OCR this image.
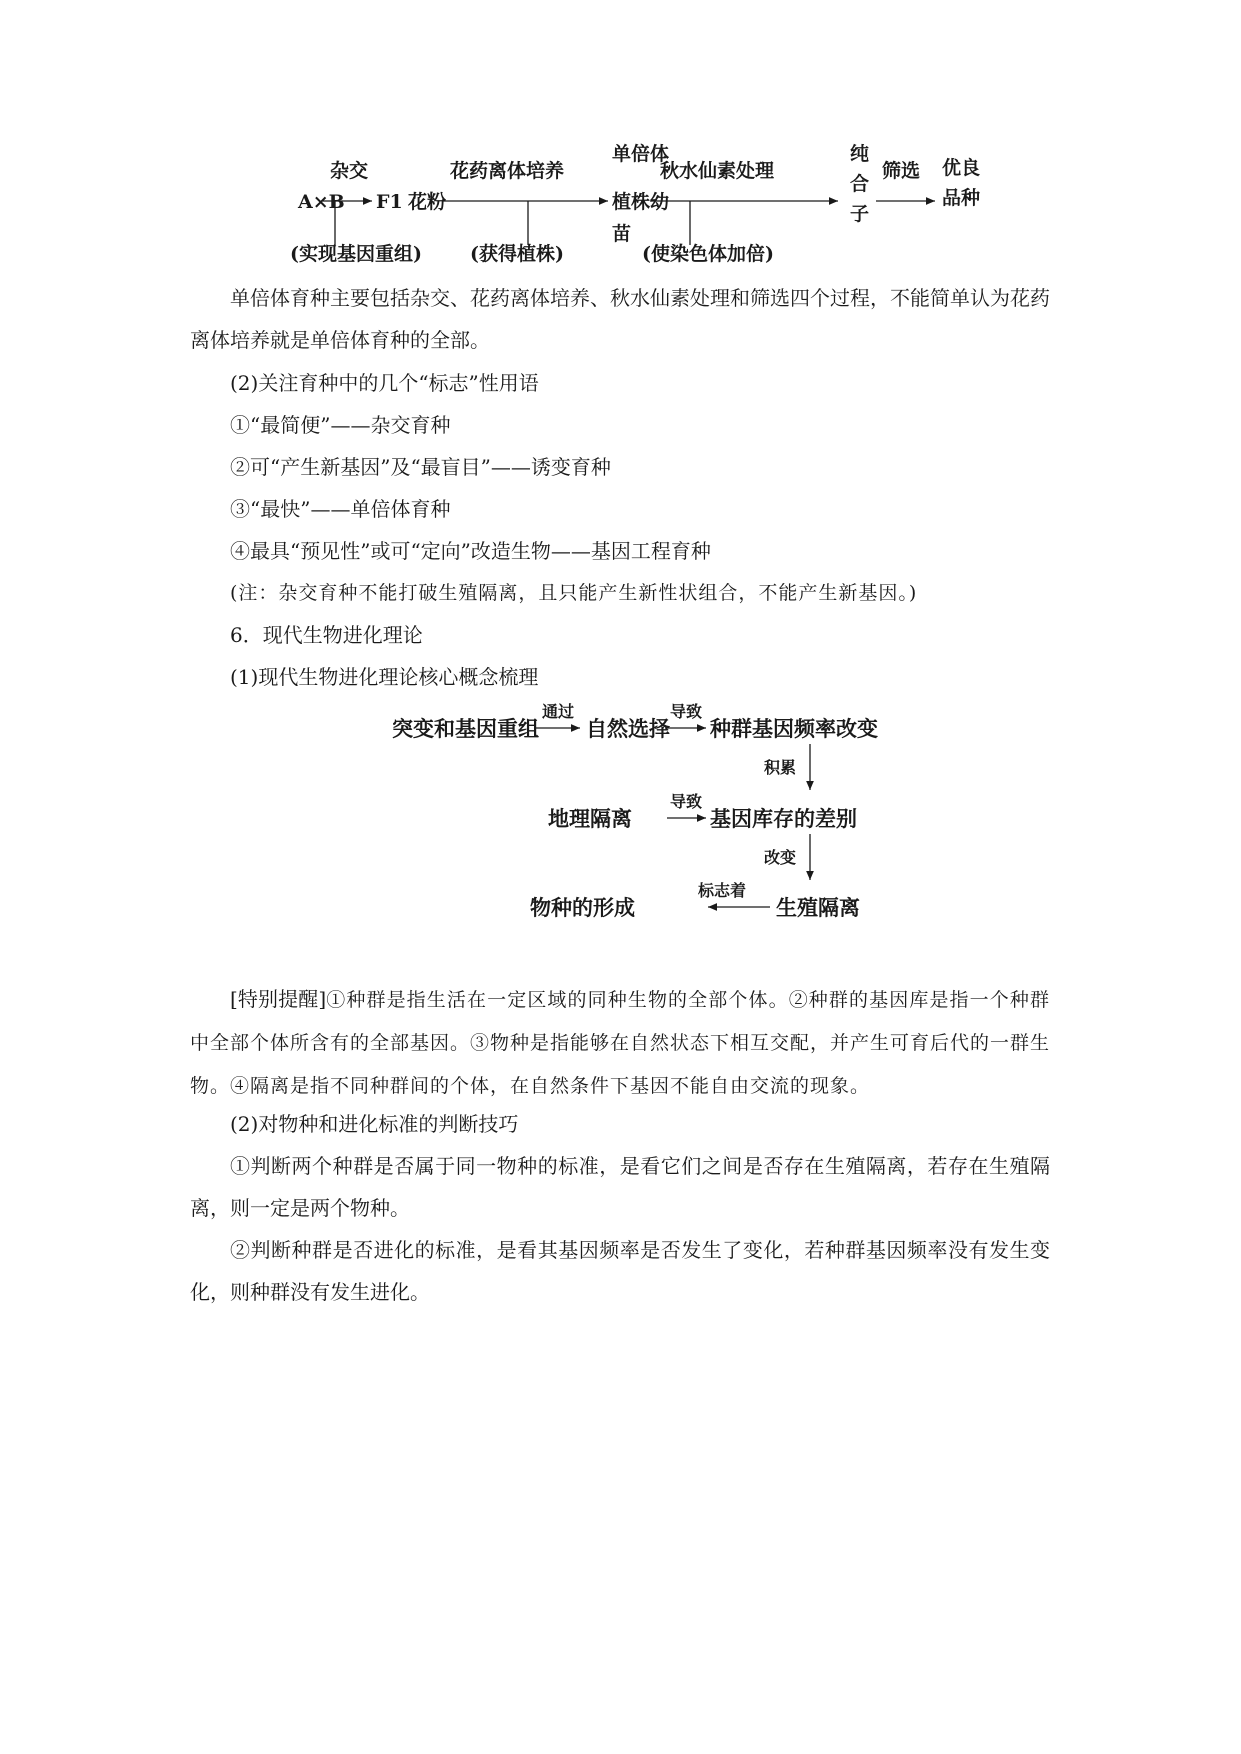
A×B
杂交
F1 花粉
花药离体培养
单倍体
植株幼
苗
秋水仙素处理
纯
合
子
筛选 优良
品种
(实现基因重组)	(获得植株)	(使染色体加倍)
单倍体育种主要包括杂交、花药离体培养、秋水仙素处理和筛选四个过程，不能简单认为花药离体培养就是单倍体育种的全部。
(2)关注育种中的几个“标志”性用语
①“最简便”——杂交育种
②可“产生新基因”及“最盲目”——诱变育种
③“最快”——单倍体育种
④最具“预见性”或可“定向”改造生物——基因工程育种
(注：杂交育种不能打破生殖隔离，且只能产生新性状组合，不能产生新基因。)
6．现代生物进化理论
(1)现代生物进化理论核心概念梳理
突变和基因重组
通过
自然选择
导致
种群基因频率改变
积累
地理隔离
导致
基因库存的差别
改变
物种的形成
标志着
生殖隔离
[特别提醒]①种群是指生活在一定区域的同种生物的全部个体。②种群的基因库是指一个种群中全部个体所含有的全部基因。③物种是指能够在自然状态下相互交配，并产生可育后代的一群生物。④隔离是指不同种群间的个体，在自然条件下基因不能自由交流的现象。
(2)对物种和进化标准的判断技巧
①判断两个种群是否属于同一物种的标准，是看它们之间是否存在生殖隔离，若存在生殖隔离，则一定是两个物种。
②判断种群是否进化的标准，是看其基因频率是否发生了变化，若种群基因频率没有发生变化，则种群没有发生进化。
